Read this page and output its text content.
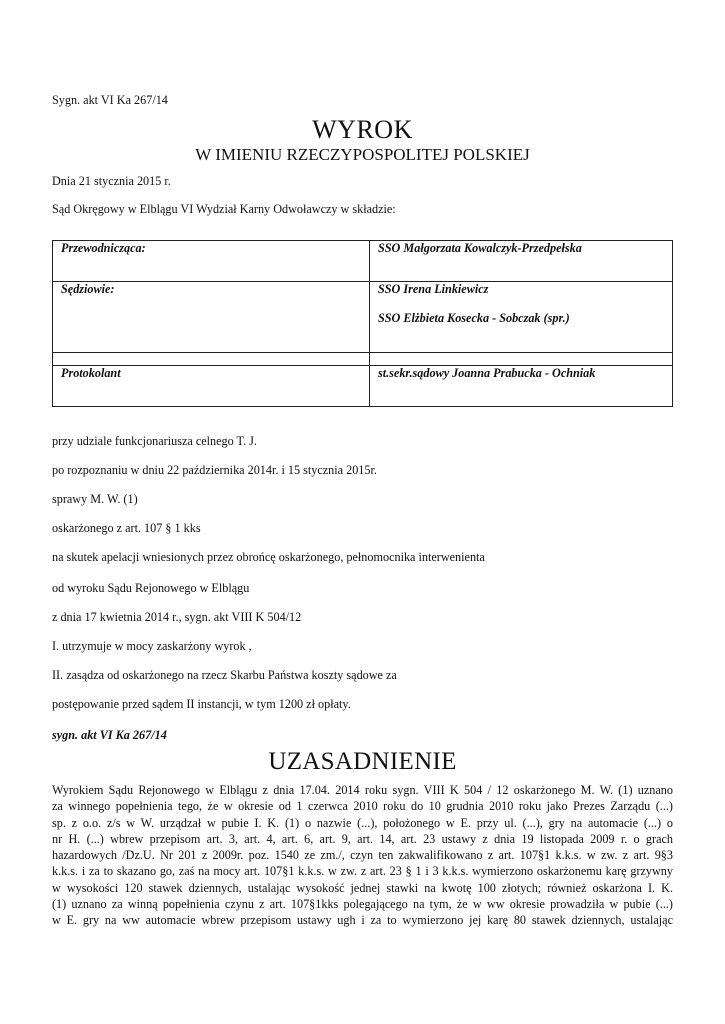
Sygn. akt VI Ka 267/14
WYROK
W IMIENIU RZECZYPOSPOLITEJ POLSKIEJ
Dnia 21 stycznia 2015 r.
Sąd Okręgowy w Elblągu VI Wydział Karny Odwoławczy w składzie:
Przewodnicząca:	SSO Małgorzata Kowalczyk-Przedpełska
Sędziowie:	SSO Irena Linkiewicz
SSO Elżbieta Kosecka - Sobczak (spr.)

Protokolant	st.sekr.sądowy Joanna Prabucka - Ochniak
przy udziale funkcjonariusza celnego T. J.
po rozpoznaniu w dniu 22 października 2014r. i 15 stycznia 2015r.
sprawy M. W. (1)
oskarżonego z art. 107 § 1 kks
na skutek apelacji wniesionych przez obrońcę oskarżonego, pełnomocnika interwenienta
od wyroku Sądu Rejonowego w Elblągu
z dnia 17 kwietnia 2014 r., sygn. akt VIII K 504/12
I. utrzymuje w mocy zaskarżony wyrok ,
II. zasądza od oskarżonego na rzecz Skarbu Państwa koszty sądowe za
postępowanie przed sądem II instancji, w tym 1200 zł opłaty.
sygn. akt VI Ka 267/14
UZASADNIENIE
Wyrokiem Sądu Rejonowego w Elblągu z dnia 17.04. 2014 roku sygn. VIII K 504 / 12 oskarżonego M. W. (1) uznano
za winnego popełnienia tego, że w okresie od 1 czerwca 2010 roku do 10 grudnia 2010 roku jako Prezes Zarządu (...)
sp. z o.o. z/s w W. urządzał w pubie I. K. (1) o nazwie (...), położonego w E. przy ul. (...), gry na automacie (...) o
nr H. (...) wbrew przepisom art. 3, art. 4, art. 6, art. 9, art. 14, art. 23 ustawy z dnia 19 listopada 2009 r. o grach
hazardowych /Dz.U. Nr 201 z 2009r. poz. 1540 ze zm./, czyn ten zakwalifikowano z art. 107§1 k.k.s. w zw. z art. 9§3
k.k.s. i za to skazano go, zaś na mocy art. 107§1 k.k.s. w zw. z art. 23 § 1 i 3 k.k.s. wymierzono oskarżonemu karę grzywny
w wysokości 120 stawek dziennych, ustalając wysokość jednej stawki na kwotę 100 złotych; również oskarżona I. K.
(1) uznano za winną popełnienia czynu z art. 107§1kks polegającego na tym, że w ww okresie prowadziła w pubie (...)
w E. gry na ww automacie wbrew przepisom ustawy ugh i za to wymierzono jej karę 80 stawek dziennych, ustalając
